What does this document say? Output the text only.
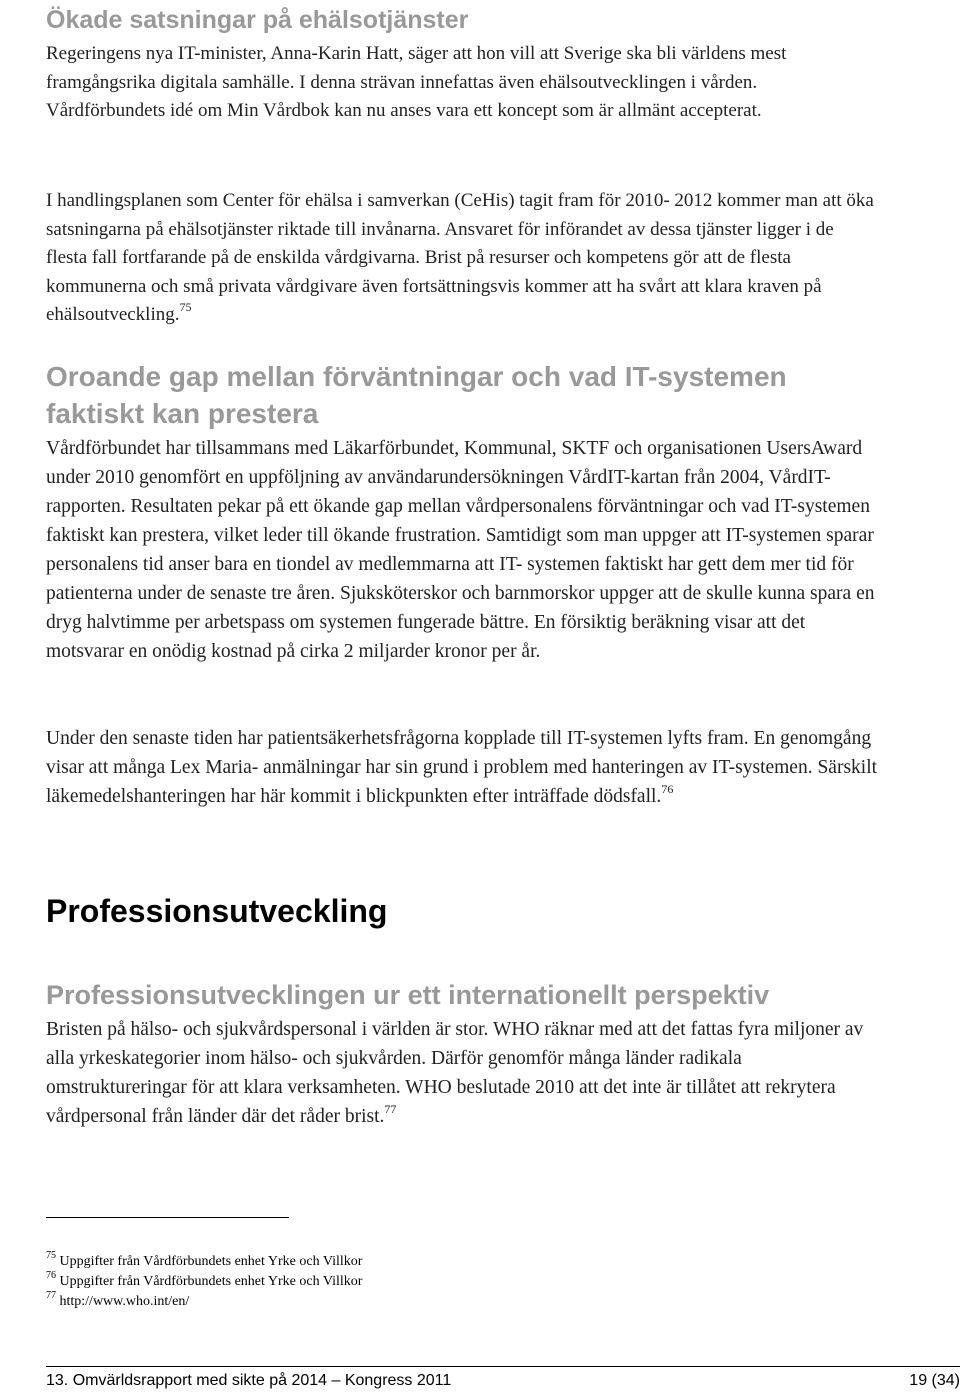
Ökade satsningar på ehälsotjänster

Regeringens nya IT-minister, Anna-Karin Hatt, säger att hon vill att Sverige ska bli världens mest framgångsrika digitala samhälle. I denna strävan innefattas även ehälsoutvecklingen i vården. Vårdförbundets idé om Min Vårdbok kan nu anses vara ett koncept som är allmänt accepterat.

I handlingsplanen som Center för ehälsa i samverkan (CeHis) tagit fram för 2010- 2012 kommer man att öka satsningarna på ehälsotjänster riktade till invånarna. Ansvaret för införandet av dessa tjänster ligger i de flesta fall fortfarande på de enskilda vårdgivarna. Brist på resurser och kompetens gör att de flesta kommunerna och små privata vårdgivare även fortsättningsvis kommer att ha svårt att klara kraven på ehälsoutveckling.$^{75}$

Oroande gap mellan förväntningar och vad IT-systemen faktiskt kan prestera

Vårdförbundet har tillsammans med Läkarförbundet, Kommunal, SKTF och organisationen UsersAward under 2010 genomfört en uppföljning av användarundersökningen VårdIT-kartan från 2004, VårdIT-rapporten. Resultaten pekar på ett ökande gap mellan vårdpersonalens förväntningar och vad IT-systemen faktiskt kan prestera, vilket leder till ökande frustration. Samtidigt som man uppger att IT-systemen sparar personalens tid anser bara en tiondel av medlemmarna att IT- systemen faktiskt har gett dem mer tid för patienterna under de senaste tre åren. Sjuksköterskor och barnmorskor uppger att de skulle kunna spara en dryg halvtimme per arbetspass om systemen fungerade bättre. En försiktig beräkning visar att det motsvarar en onödig kostnad på cirka 2 miljarder kronor per år.

Under den senaste tiden har patientsäkerhetsfrågorna kopplade till IT-systemen lyfts fram. En genomgång visar att många Lex Maria- anmälningar har sin grund i problem med hanteringen av IT-systemen. Särskilt läkemedelshanteringen har här kommit i blickpunkten efter inträffade dödsfall.$^{76}$

Professionsutveckling
Professionsutvecklingen ur ett internationellt perspektiv

Bristen på hälso- och sjukvårdspersonal i världen är stor. WHO räknar med att det fattas fyra miljoner av alla yrkeskategorier inom hälso- och sjukvården. Därför genomför många länder radikala omstruktureringar för att klara verksamheten. WHO beslutade 2010 att det inte är tillåtet att rekrytera vårdpersonal från länder där det råder brist.$^{77}$

$^{75}$ Uppgifter från Vårdförbundets enhet Yrke och Villkor

$^{76}$ Uppgifter från Vårdförbundets enhet Yrke och Villkor

$^{77}$ http://www.who.int/en/

13. Omvärldsrapport med sikte på 2014 – Kongress 2011	19 (34)
